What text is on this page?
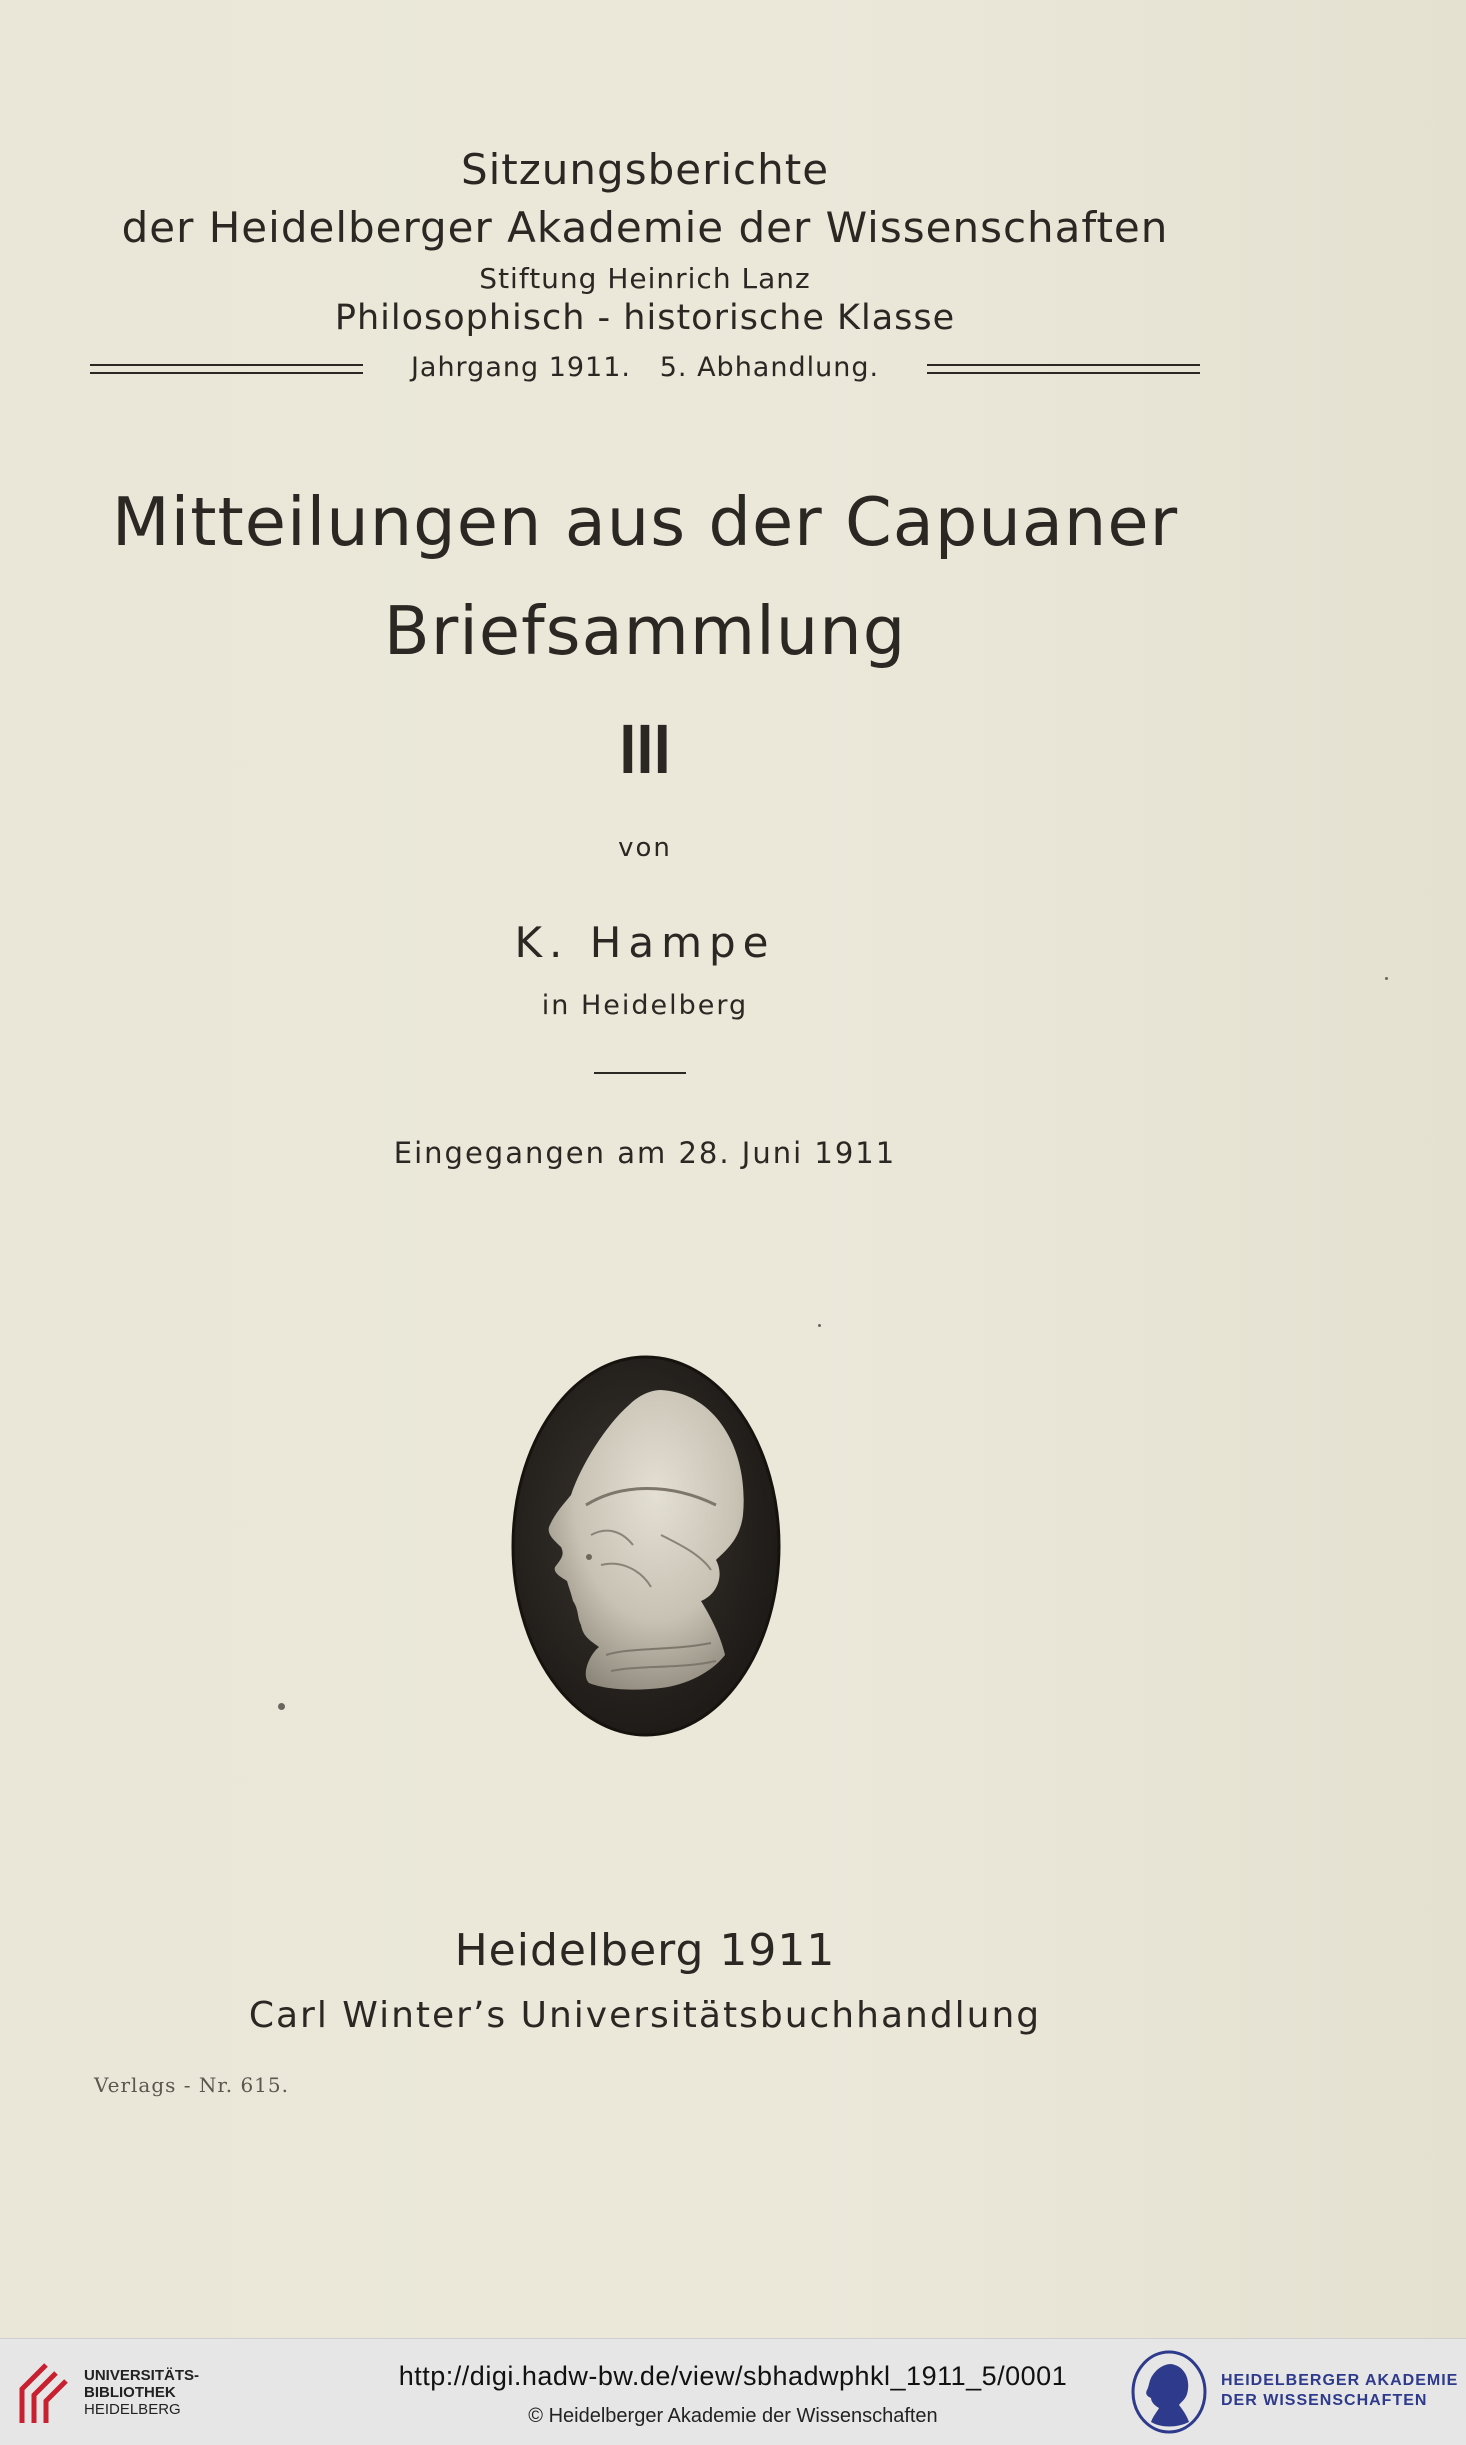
Sitzungsberichte
der Heidelberger Akademie der Wissenschaften
Stiftung Heinrich Lanz
Philosophisch - historische Klasse
Jahrgang 1911.   5. Abhandlung.
Mitteilungen aus der Capuaner
Briefsammlung
III
von
K. Hampe
in Heidelberg
Eingegangen am 28. Juni 1911
Heidelberg 1911
Carl Winter’s Universitätsbuchhandlung
Verlags - Nr. 615.
UNIVERSITÄTS-
BIBLIOTHEK
HEIDELBERG
http://digi.hadw-bw.de/view/sbhadwphkl_1911_5/0001
© Heidelberger Akademie der Wissenschaften
HEIDELBERGER AKADEMIE
DER WISSENSCHAFTEN
